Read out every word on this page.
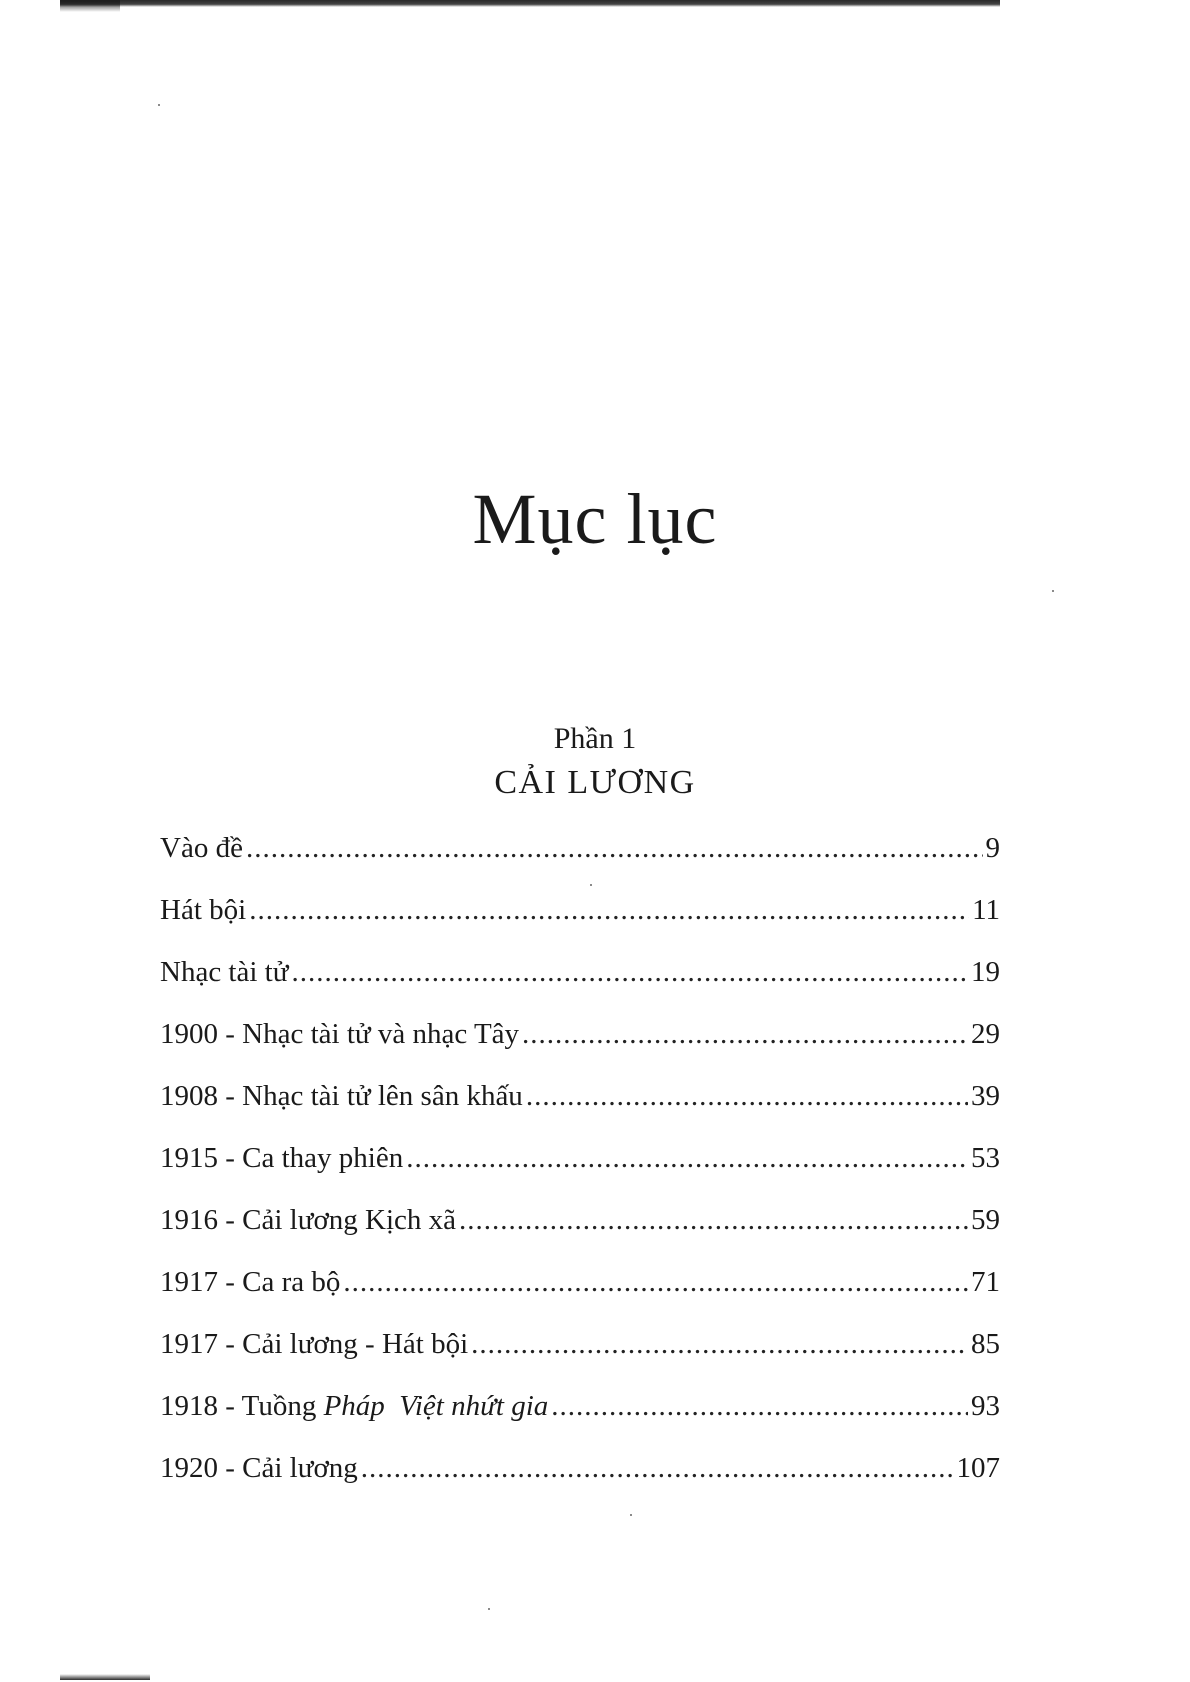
Mục lục
Phần 1
CẢI LƯƠNG
Vào đề .....	9
Hát bội .....	11
Nhạc tài tử .....	19
1900 - Nhạc tài tử và nhạc Tây .....	29
1908 - Nhạc tài tử lên sân khấu .....	39
1915 - Ca thay phiên .....	53
1916 - Cải lương Kịch xã .....	59
1917 - Ca ra bộ .....	71
1917 - Cải lương - Hát bội .....	85
1918 - Tuồng Pháp  Việt nhứt gia .....	93
1920 - Cải lương .....	107
